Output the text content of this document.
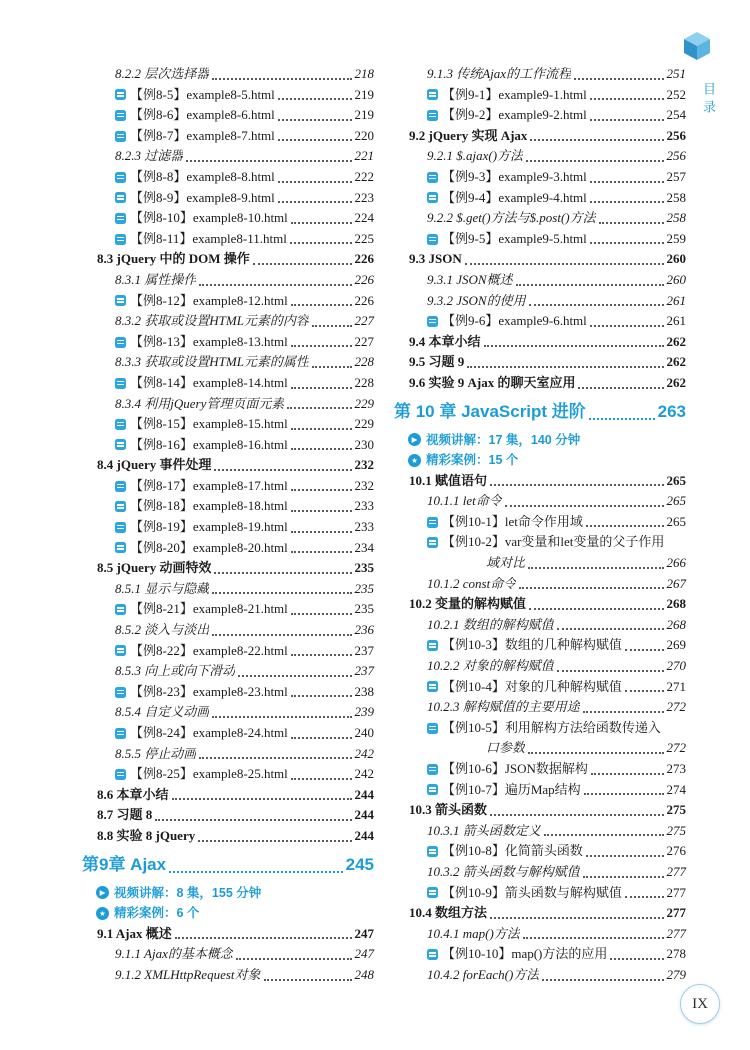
目录
8.2.2 层次选择器	218
【例8-5】example8-5.html	219
【例8-6】example8-6.html	219
【例8-7】example8-7.html	220
8.2.3 过滤器	221
【例8-8】example8-8.html	222
【例8-9】example8-9.html	223
【例8-10】example8-10.html	224
【例8-11】example8-11.html	225
8.3 jQuery 中的 DOM 操作	226
8.3.1 属性操作	226
【例8-12】example8-12.html	226
8.3.2 获取或设置HTML元素的内容	227
【例8-13】example8-13.html	227
8.3.3 获取或设置HTML元素的属性	228
【例8-14】example8-14.html	228
8.3.4 利用jQuery管理页面元素	229
【例8-15】example8-15.html	229
【例8-16】example8-16.html	230
8.4 jQuery 事件处理	232
【例8-17】example8-17.html	232
【例8-18】example8-18.html	233
【例8-19】example8-19.html	233
【例8-20】example8-20.html	234
8.5 jQuery 动画特效	235
8.5.1 显示与隐藏	235
【例8-21】example8-21.html	235
8.5.2 淡入与淡出	236
【例8-22】example8-22.html	237
8.5.3 向上或向下滑动	237
【例8-23】example8-23.html	238
8.5.4 自定义动画	239
【例8-24】example8-24.html	240
8.5.5 停止动画	242
【例8-25】example8-25.html	242
8.6 本章小结	244
8.7 习题 8	244
8.8 实验 8 jQuery	244
第9章 Ajax	245
▶ 视频讲解：8 集，155 分钟
★ 精彩案例：6 个
9.1 Ajax 概述	247
9.1.1 Ajax的基本概念	247
9.1.2 XMLHttpRequest对象	248
9.1.3 传统Ajax的工作流程	251
【例9-1】example9-1.html	252
【例9-2】example9-2.html	254
9.2 jQuery 实现 Ajax	256
9.2.1 $.ajax()方法	256
【例9-3】example9-3.html	257
【例9-4】example9-4.html	258
9.2.2 $.get()方法与$.post()方法	258
【例9-5】example9-5.html	259
9.3 JSON	260
9.3.1 JSON概述	260
9.3.2 JSON的使用	261
【例9-6】example9-6.html	261
9.4 本章小结	262
9.5 习题 9	262
9.6 实验 9 Ajax 的聊天室应用	262
第 10 章 JavaScript 进阶	263
▶ 视频讲解：17 集，140 分钟
★ 精彩案例：15 个
10.1 赋值语句	265
10.1.1 let命令	265
【例10-1】let命令作用域	265
【例10-2】var变量和let变量的父子作用
域对比	266
10.1.2 const命令	267
10.2 变量的解构赋值	268
10.2.1 数组的解构赋值	268
【例10-3】数组的几种解构赋值	269
10.2.2 对象的解构赋值	270
【例10-4】对象的几种解构赋值	271
10.2.3 解构赋值的主要用途	272
【例10-5】利用解构方法给函数传递入
口参数	272
【例10-6】JSON数据解构	273
【例10-7】遍历Map结构	274
10.3 箭头函数	275
10.3.1 箭头函数定义	275
【例10-8】化简箭头函数	276
10.3.2 箭头函数与解构赋值	277
【例10-9】箭头函数与解构赋值	277
10.4 数组方法	277
10.4.1 map()方法	277
【例10-10】map()方法的应用	278
10.4.2 forEach()方法	279
IX
